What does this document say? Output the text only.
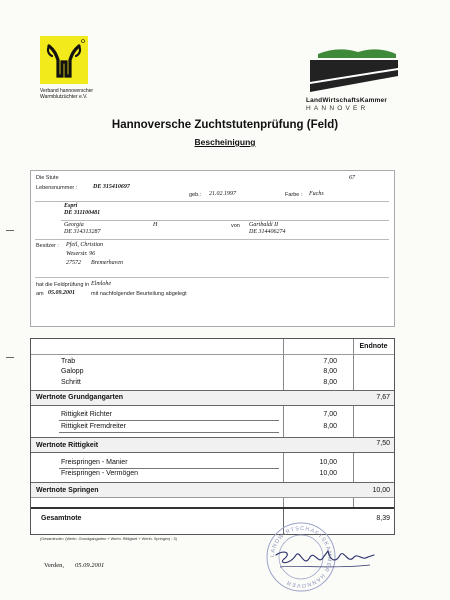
Verband hannoverscher
Warmblutzüchter e.V.	LandWirtschaftsKammer
HANNOVER
Hannoversche Zuchtstutenprüfung (Feld)
Bescheinigung
Die Stute	67
Lebensnummer :	DE 315410697
geb.: 21.02.1997	Farbe : Fuchs
Espri
DE 311100481
Georgia	H
DE 314313287
von Garibaldi II
DE 314406274
Besitzer : Pfeil, Christian
Weserstr. 96
27572 Bremerhaven
hat die Feldprüfung in Elmlohe
am 05.09.2001	mit nachfolgender Beurteilung abgelegt
Endnote
Trab	7,00
Galopp	8,00
Schritt	8,00
Wertnote Grundgangarten	7,67
Rittigkeit Richter	7,00
Rittigkeit Fremdreiter	8,00
Wertnote Rittigkeit	7,50
Freispringen - Manier	10,00
Freispringen - Vermögen	10,00
Wertnote Springen	10,00
Gesamtnote	8,39
(Gesamtnote= (Wertn. Grundgangarten + Wertn. Rittigkeit + Wertn. Springen) : 3)
Verden, 05.09.2001
LANDWIRTSCHAFTSKAMMER HANNOVER
